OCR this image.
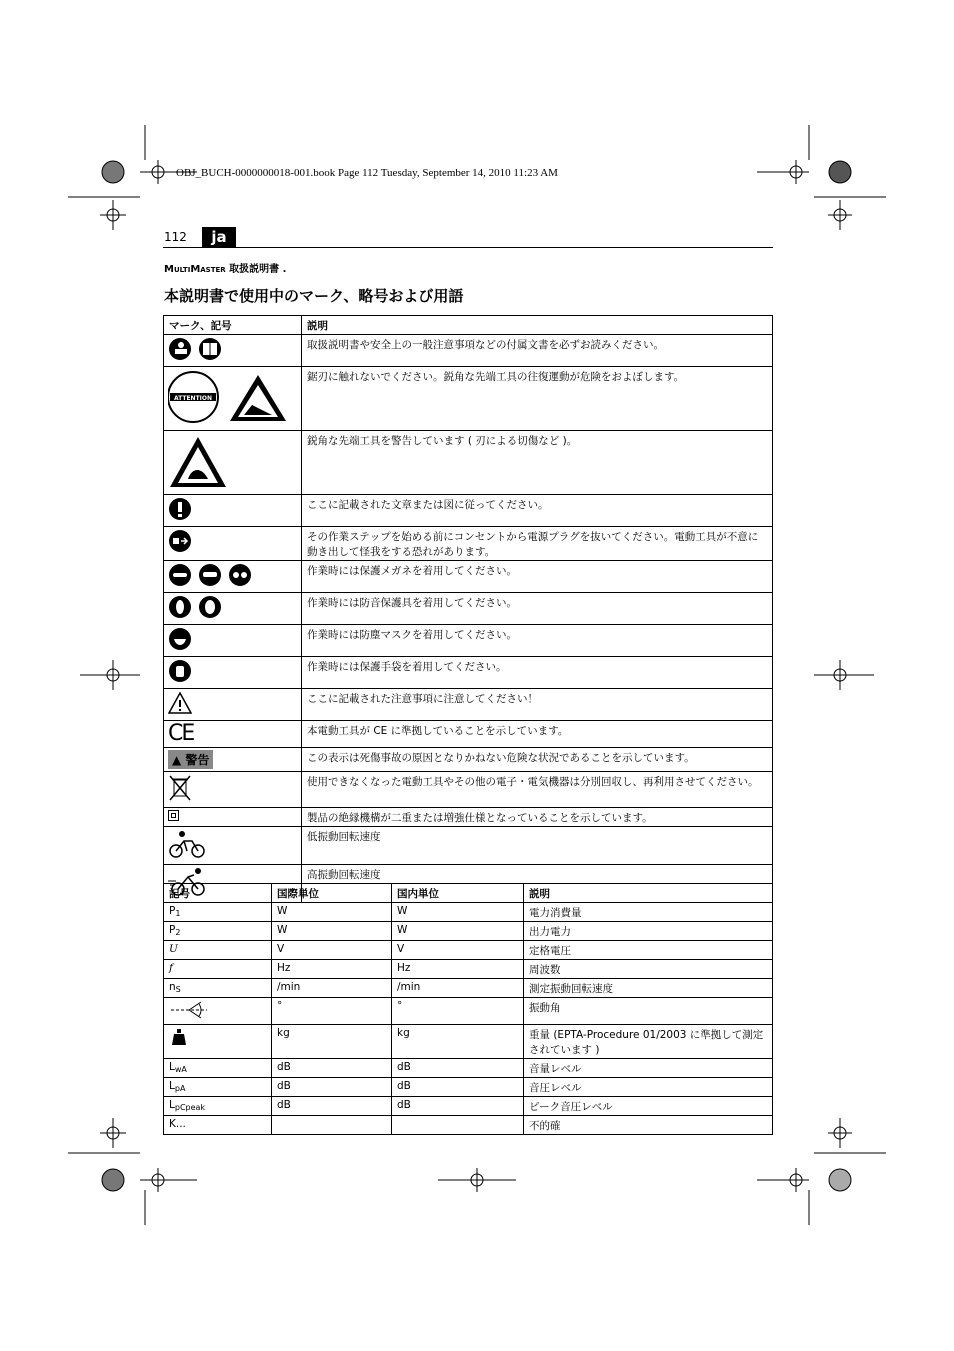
OBJ_BUCH-0000000018-001.book Page 112 Tuesday, September 14, 2010 11:23 AM
112	ja
MultiMaster 取扱説明書 .
本説明書で使用中のマーク、略号および用語
マーク、記号	説明
	取扱説明書や安全上の一般注意事項などの付属文書を必ずお読みください。

ATTENTION	鋸刃に触れないでください。鋭角な先端工具の往復運動が危険をおよぼします。
	鋭角な先端工具を警告しています ( 刃による切傷など )。
	ここに記載された文章または図に従ってください。
	その作業ステップを始める前にコンセントから電源プラグを抜いてください。電動工具が不意に動き出して怪我をする恐れがあります。
	作業時には保護メガネを着用してください。
	作業時には防音保護具を着用してください。
	作業時には防塵マスクを着用してください。
	作業時には保護手袋を着用してください。
	ここに記載された注意事項に注意してください！
CE	本電動工具が CE に準拠していることを示しています。
▲ 警告	この表示は死傷事故の原因となりかねない危険な状況であることを示しています。
	使用できなくなった電動工具やその他の電子・電気機器は分別回収し、再利用させてください。
	製品の絶縁機構が二重または増強仕様となっていることを示しています。
	低振動回転速度
	高振動回転速度
記号	国際単位	国内単位	説明
$P_1$	W	W	電力消費量
$P_2$	W	W	出力電力
U	V	V	定格電圧
f	Hz	Hz	周波数
$n_S$	/min	/min	測定振動回転速度
	°	°	振動角
	kg	kg	重量 (EPTA-Procedure 01/2003 に準拠して測定されています )
$L_{wA}$	dB	dB	音量レベル
$L_{pA}$	dB	dB	音圧レベル
$L_{pCpeak}$	dB	dB	ピーク音圧レベル
K...			不的確
